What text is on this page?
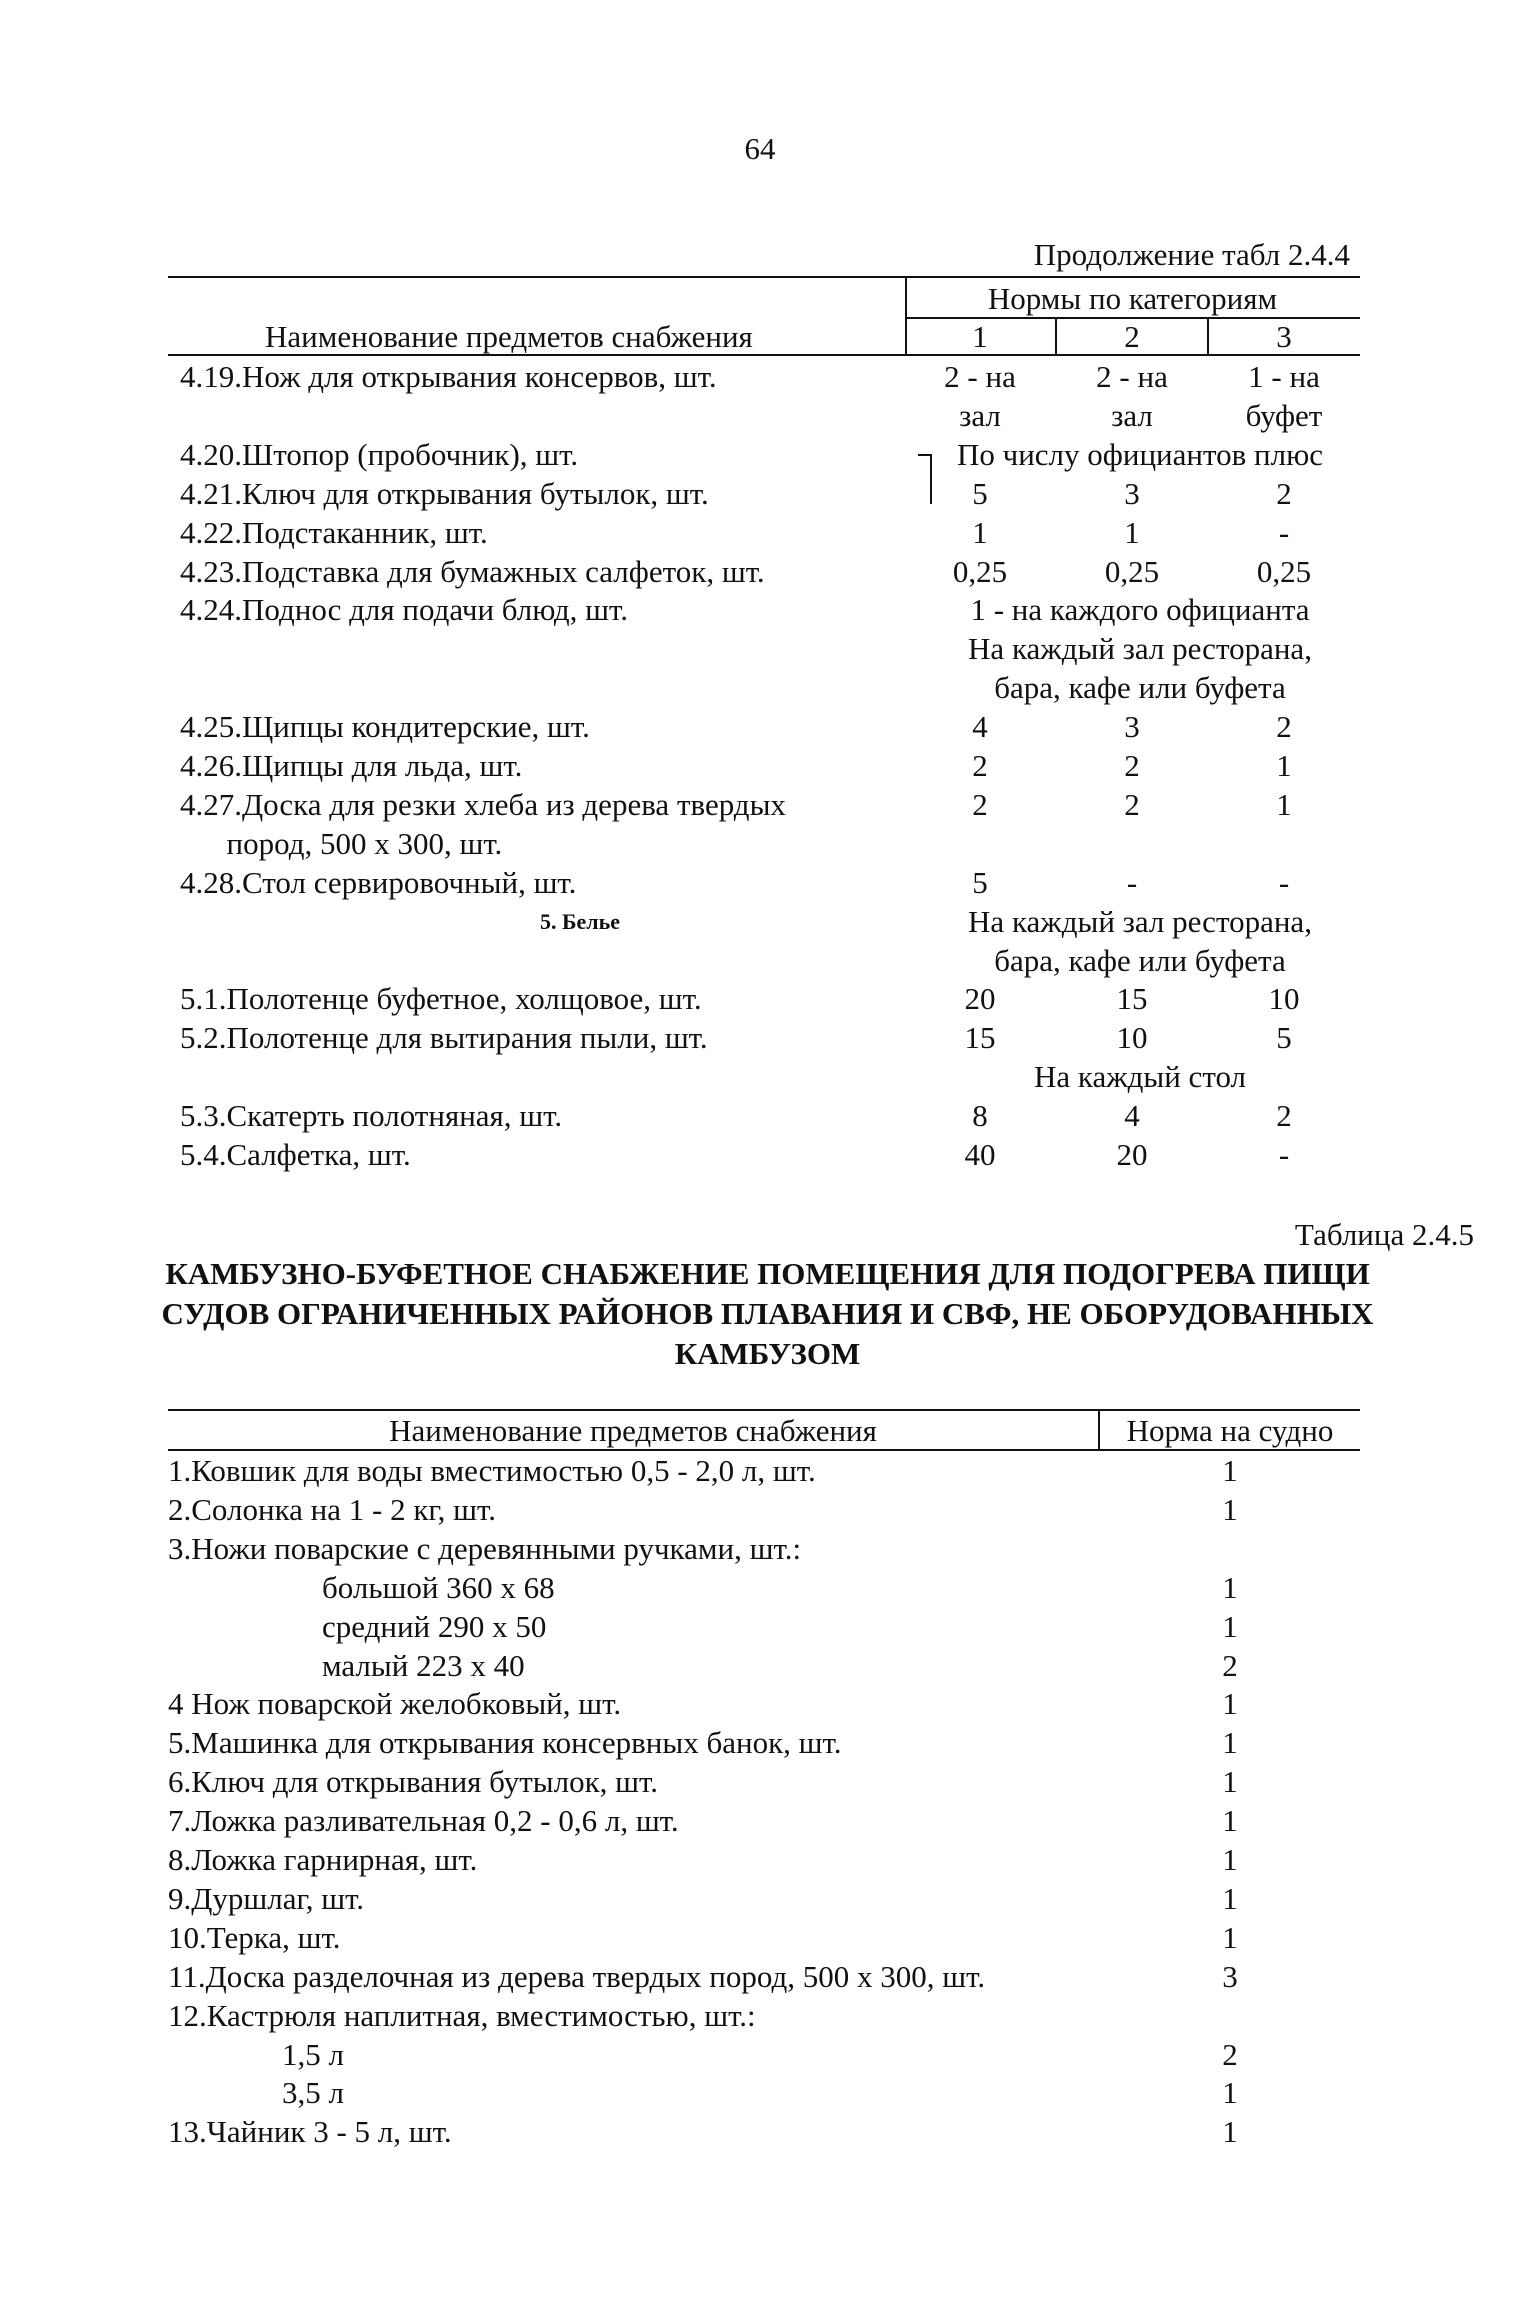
64
Продолжение табл 2.4.4
Нормы по категориям
Наименование предметов снабжения	1	2	3
4.19.Нож для открывания консервов, шт.	2 - на	2 - на	1 - на
зал	зал	буфет
4.20.Штопор (пробочник), шт.	По числу официантов плюс
4.21.Ключ для открывания бутылок, шт.	5	3	2
4.22.Подстаканник, шт.	1	1	-
4.23.Подставка для бумажных салфеток, шт.	0,25	0,25	0,25
4.24.Поднос для подачи блюд, шт.	1 - на каждого официанта
На каждый зал ресторана,
бара, кафе или буфета
4.25.Щипцы кондитерские, шт.	4	3	2
4.26.Щипцы для льда, шт.	2	2	1
4.27.Доска для резки хлеба из дерева твердых	2	2	1
пород, 500 х 300, шт.
4.28.Стол сервировочный, шт.	5	-	-
5. Белье	На каждый зал ресторана,
бара, кафе или буфета
5.1.Полотенце буфетное, холщовое, шт.	20	15	10
5.2.Полотенце для вытирания пыли, шт.	15	10	5
На каждый стол
5.3.Скатерть полотняная, шт.	8	4	2
5.4.Салфетка, шт.	40	20	-
Таблица 2.4.5
КАМБУЗНО-БУФЕТНОЕ СНАБЖЕНИЕ ПОМЕЩЕНИЯ ДЛЯ ПОДОГРЕВА ПИЩИ
СУДОВ ОГРАНИЧЕННЫХ РАЙОНОВ ПЛАВАНИЯ И СВФ, НЕ ОБОРУДОВАННЫХ
КАМБУЗОМ
Наименование предметов снабжения	Норма на судно
1.Ковшик для воды вместимостью 0,5 - 2,0 л, шт.	1
2.Солонка на 1 - 2 кг, шт.	1
3.Ножи поварские с деревянными ручками, шт.:
большой 360 х 68	1
средний 290 х 50	1
малый 223 х 40	2
4 Нож поварской желобковый, шт.	1
5.Машинка для открывания консервных банок, шт.	1
6.Ключ для открывания бутылок, шт.	1
7.Ложка разливательная 0,2 - 0,6 л, шт.	1
8.Ложка гарнирная, шт.	1
9.Дуршлаг, шт.	1
10.Терка, шт.	1
11.Доска разделочная из дерева твердых пород, 500 х 300, шт.	3
12.Кастрюля наплитная, вместимостью, шт.:
1,5 л	2
3,5 л	1
13.Чайник 3 - 5 л, шт.	1
